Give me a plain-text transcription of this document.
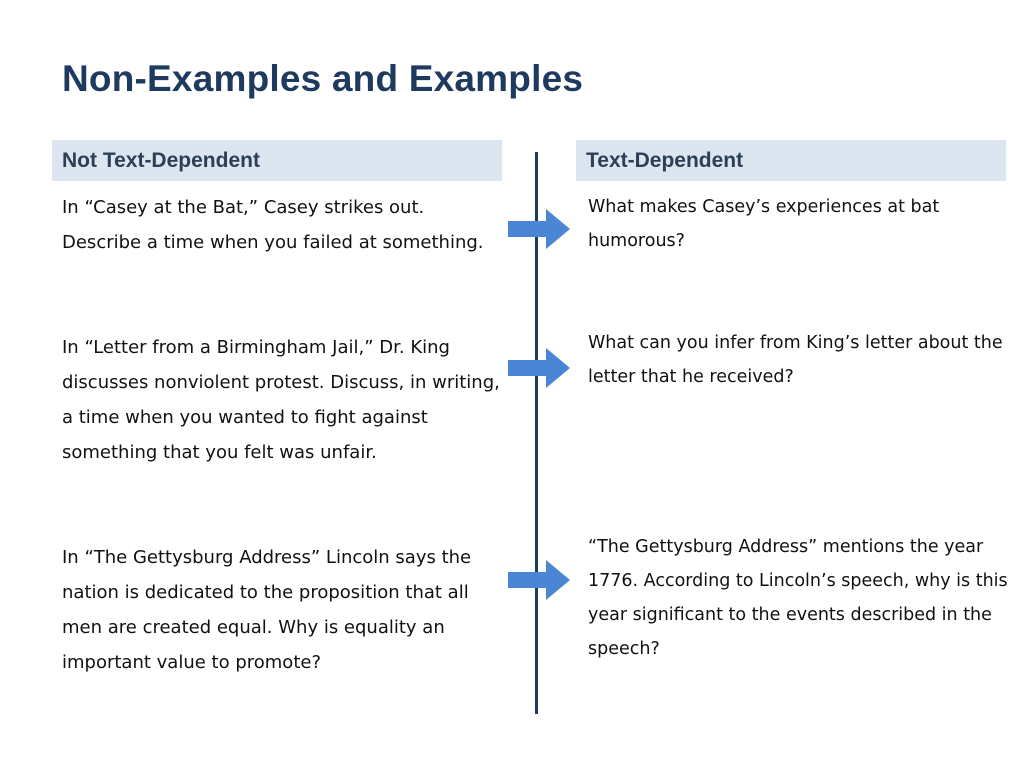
Non-Examples and Examples
Not Text-Dependent	Text-Dependent

In “Casey at the Bat,” Casey strikes out. Describe a time when you failed at something.

In “Letter from a Birmingham Jail,” Dr. King discusses nonviolent protest. Discuss, in writing, a time when you wanted to fight against something that you felt was unfair.

In “The Gettysburg Address” Lincoln says the nation is dedicated to the proposition that all men are created equal. Why is equality an important value to promote?

What makes Casey’s experiences at bat humorous?

What can you infer from King’s letter about the letter that he received?

“The Gettysburg Address” mentions the year 1776. According to Lincoln’s speech, why is this year significant to the events described in the speech?
